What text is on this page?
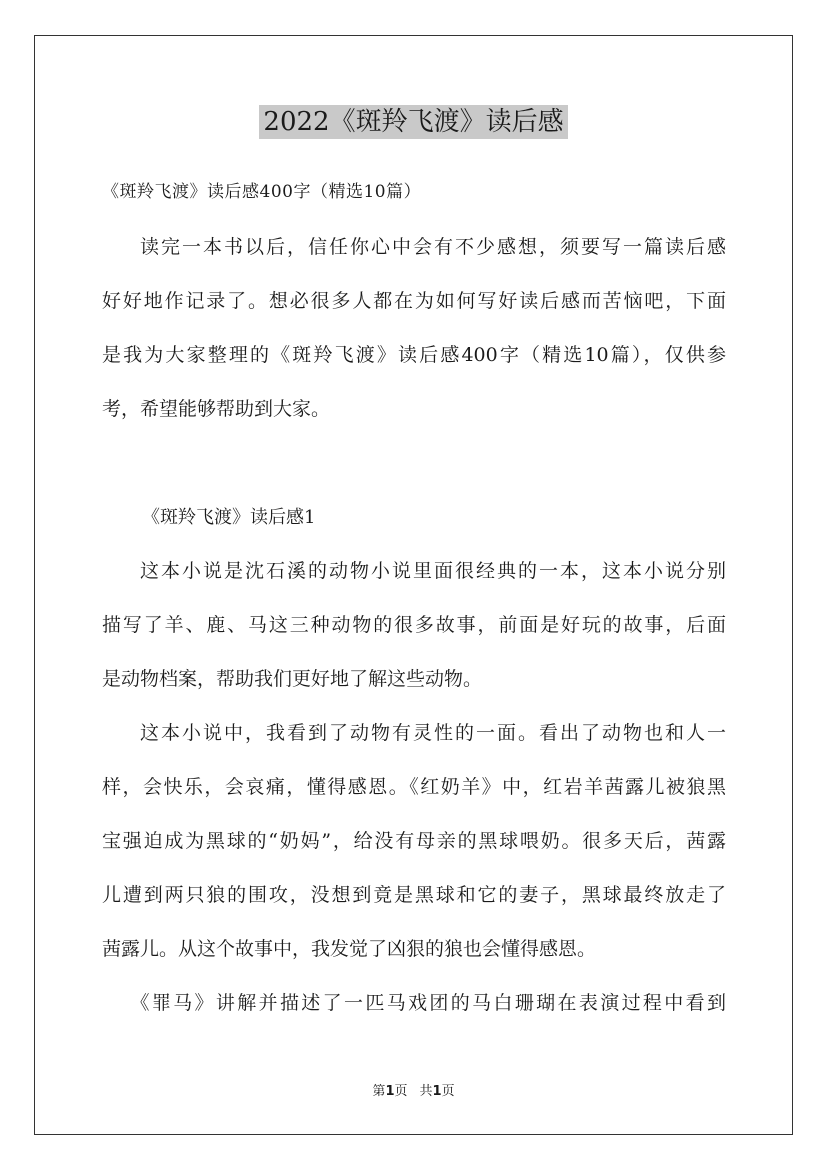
2022《斑羚飞渡》读后感
《斑羚飞渡》读后感400字（精选10篇）
读完一本书以后，信任你心中会有不少感想，须要写一篇读后感
好好地作记录了。想必很多人都在为如何写好读后感而苦恼吧，下面
是我为大家整理的《斑羚飞渡》读后感400字（精选10篇），仅供参
考，希望能够帮助到大家。
《斑羚飞渡》读后感1
这本小说是沈石溪的动物小说里面很经典的一本，这本小说分别
描写了羊、鹿、马这三种动物的很多故事，前面是好玩的故事，后面
是动物档案，帮助我们更好地了解这些动物。
这本小说中，我看到了动物有灵性的一面。看出了动物也和人一
样，会快乐，会哀痛，懂得感恩。《红奶羊》中，红岩羊茜露儿被狼黑
宝强迫成为黑球的“奶妈”，给没有母亲的黑球喂奶。很多天后，茜露
儿遭到两只狼的围攻，没想到竟是黑球和它的妻子，黑球最终放走了
茜露儿。从这个故事中，我发觉了凶狠的狼也会懂得感恩。
《罪马》讲解并描述了一匹马戏团的马白珊瑚在表演过程中看到
第1页 共1页
